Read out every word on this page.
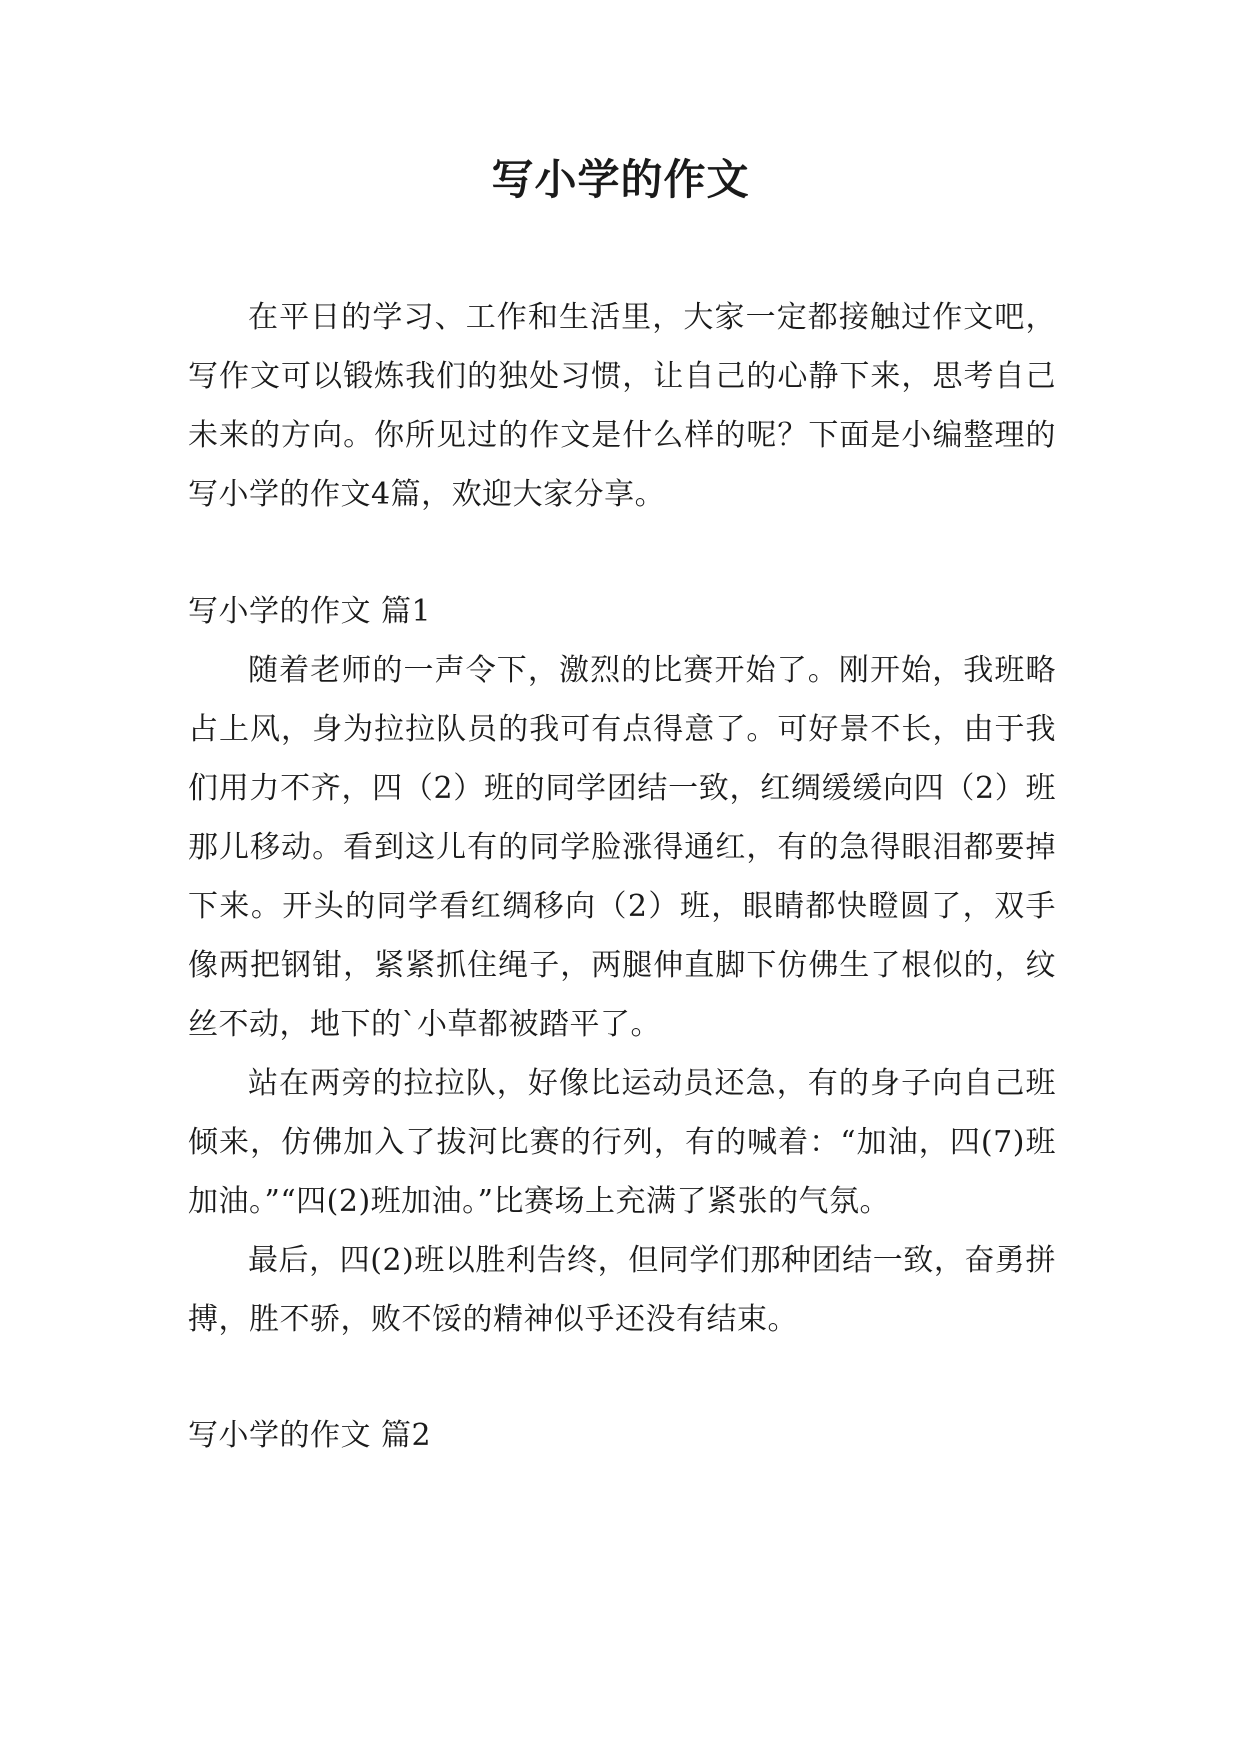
写小学的作文

在平日的学习、工作和生活里，大家一定都接触过作文吧，写作文可以锻炼我们的独处习惯，让自己的心静下来，思考自己未来的方向。你所见过的作文是什么样的呢？下面是小编整理的写小学的作文4篇，欢迎大家分享。

写小学的作文 篇1

随着老师的一声令下，激烈的比赛开始了。刚开始，我班略占上风，身为拉拉队员的我可有点得意了。可好景不长，由于我们用力不齐，四（2）班的同学团结一致，红绸缓缓向四（2）班那儿移动。看到这儿有的同学脸涨得通红，有的急得眼泪都要掉下来。开头的同学看红绸移向（2）班，眼睛都快瞪圆了，双手像两把钢钳，紧紧抓住绳子，两腿伸直脚下仿佛生了根似的，纹丝不动，地下的`小草都被踏平了。

站在两旁的拉拉队，好像比运动员还急，有的身子向自己班倾来，仿佛加入了拔河比赛的行列，有的喊着：“加油，四(7)班加油。”“四(2)班加油。”比赛场上充满了紧张的气氛。

最后，四(2)班以胜利告终，但同学们那种团结一致，奋勇拼搏，胜不骄，败不馁的精神似乎还没有结束。

写小学的作文 篇2
